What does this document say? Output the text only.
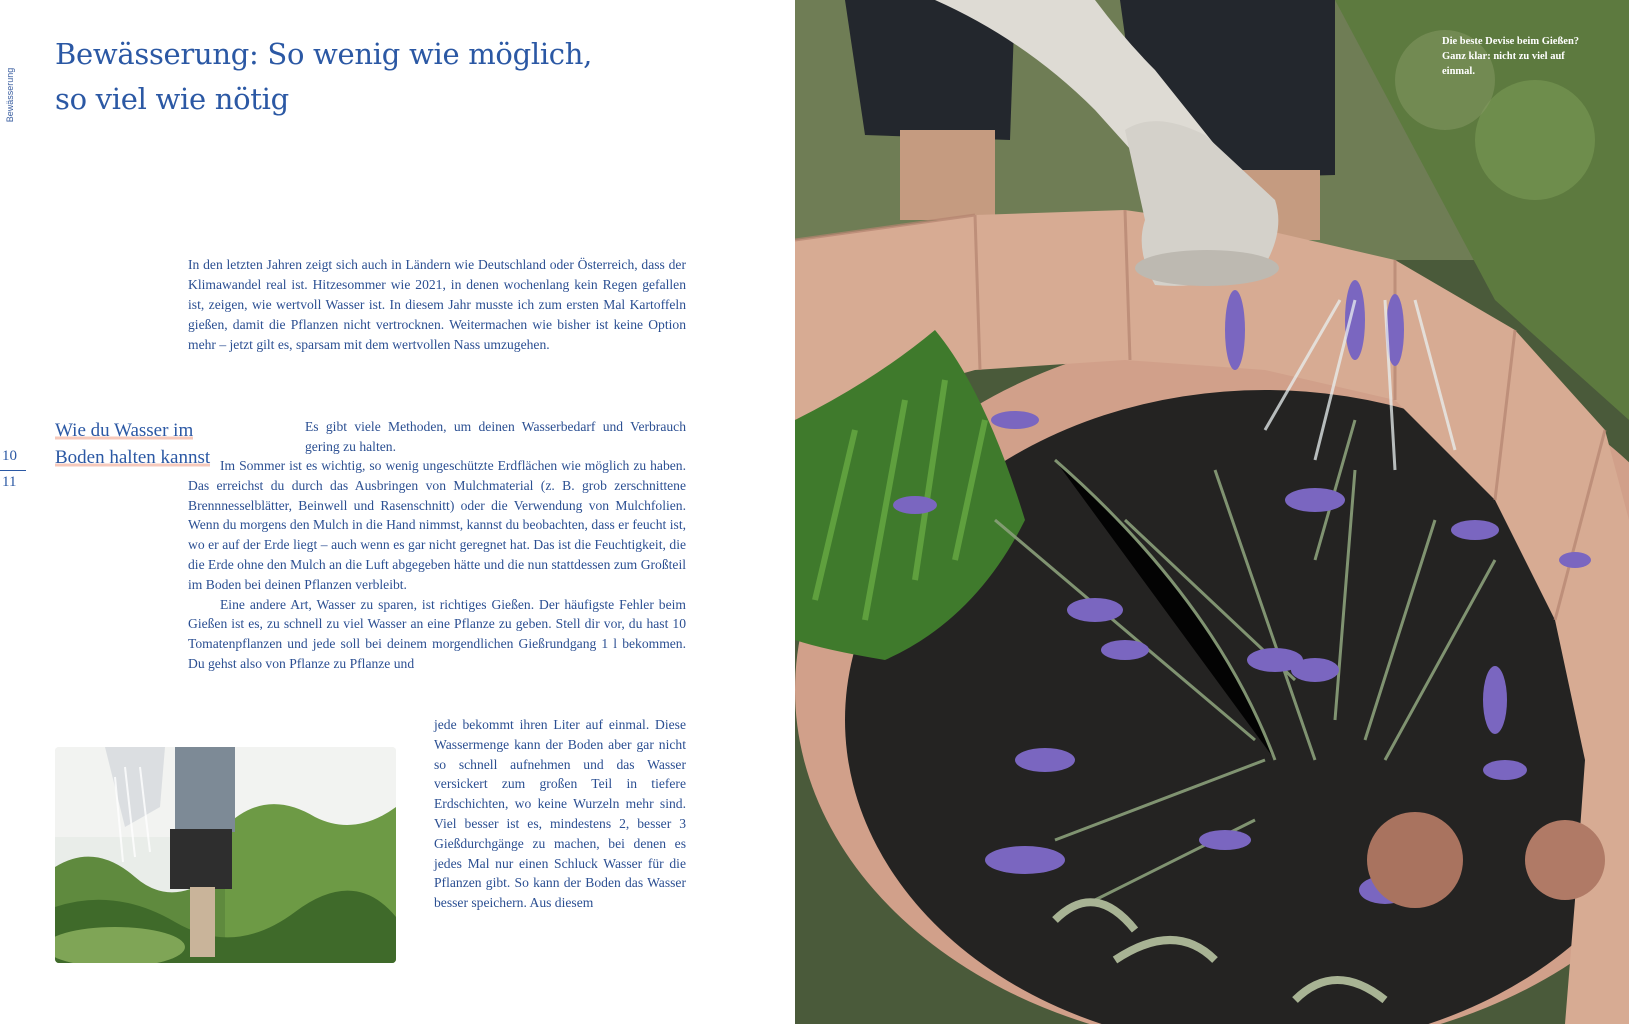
Bewässerung
Bewässerung: So wenig wie möglich,
so viel wie nötig

In den letzten Jahren zeigt sich auch in Ländern wie Deutschland oder Österreich, dass der Klimawandel real ist. Hitzesommer wie 2021, in denen wochenlang kein Regen gefallen ist, zeigen, wie wertvoll Wasser ist. In diesem Jahr musste ich zum ersten Mal Kartoffeln gießen, damit die Pflanzen nicht vertrocknen. Weitermachen wie bisher ist keine Option mehr – jetzt gilt es, sparsam mit dem wertvollen Nass umzugehen.

Wie du Wasser im
Boden halten kannst
10
11

Es gibt viele Methoden, um deinen Wasserbedarf und Verbrauch gering zu halten.

Im Sommer ist es wichtig, so wenig ungeschützte Erdflächen wie möglich zu haben. Das erreichst du durch das Ausbringen von Mulchmaterial (z. B. grob zerschnittene Brennnesselblätter, Beinwell und Rasenschnitt) oder die Verwendung von Mulchfolien. Wenn du morgens den Mulch in die Hand nimmst, kannst du beobachten, dass er feucht ist, wo er auf der Erde liegt – auch wenn es gar nicht geregnet hat. Das ist die Feuchtigkeit, die die Erde ohne den Mulch an die Luft abgegeben hätte und die nun stattdessen zum Großteil im Boden bei deinen Pflanzen verbleibt.

Eine andere Art, Wasser zu sparen, ist richtiges Gießen. Der häufigste Fehler beim Gießen ist es, zu schnell zu viel Wasser an eine Pflanze zu geben. Stell dir vor, du hast 10 Tomatenpflanzen und jede soll bei deinem morgendlichen Gießrundgang 1 l bekommen. Du gehst also von Pflanze zu Pflanze und

jede bekommt ihren Liter auf einmal. Diese Wassermenge kann der Boden aber gar nicht so schnell aufnehmen und das Wasser versickert zum großen Teil in tiefere Erdschichten, wo keine Wurzeln mehr sind. Viel besser ist es, mindestens 2, besser 3 Gießdurchgänge zu machen, bei denen es jedes Mal nur einen Schluck Wasser für die Pflanzen gibt. So kann der Boden das Wasser besser speichern. Aus diesem

Die beste Devise beim Gießen? Ganz klar: nicht zu viel auf einmal.
